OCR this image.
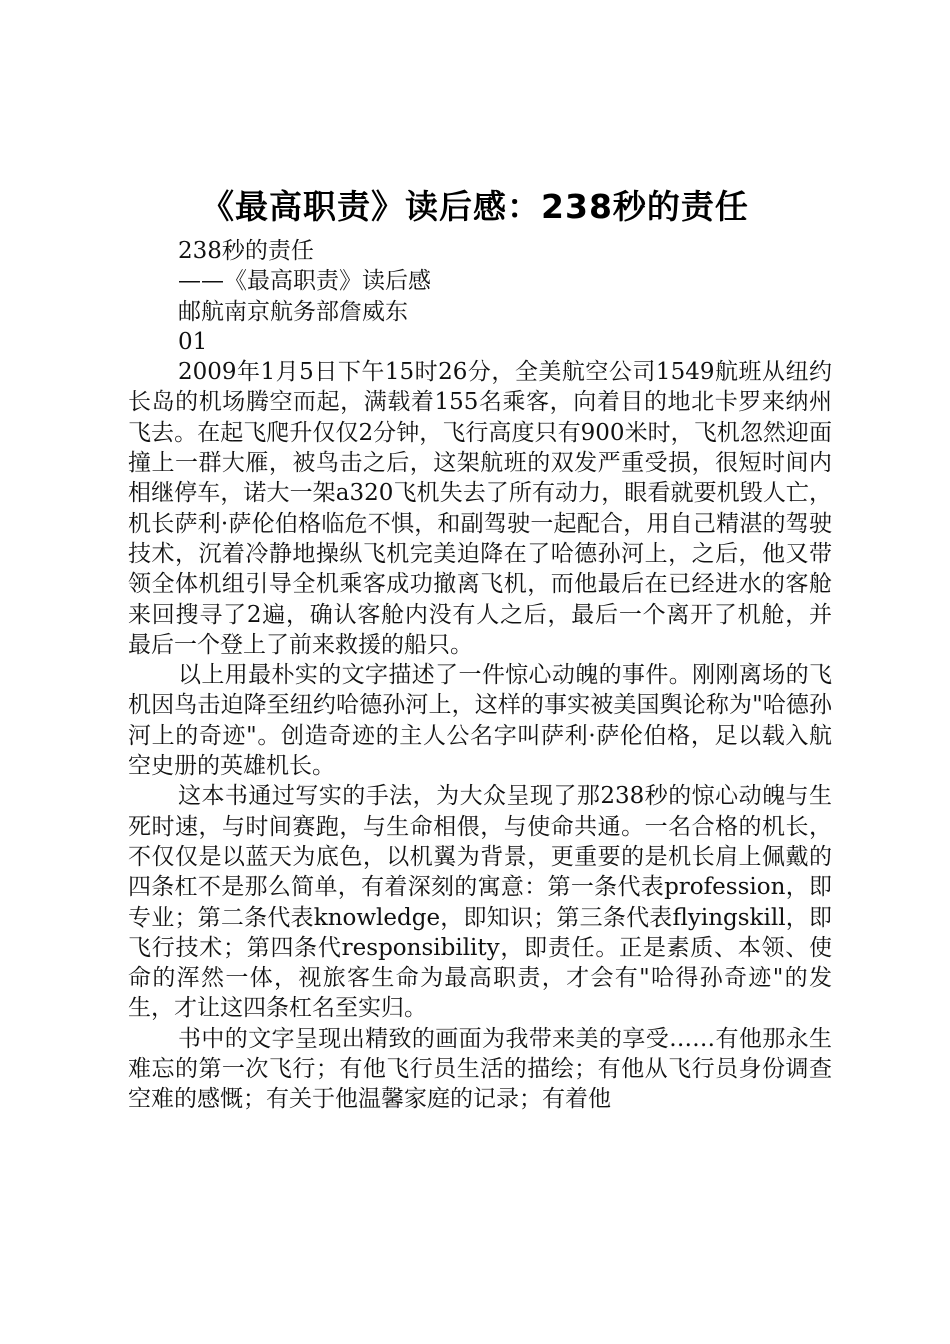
《最高职责》读后感：238秒的责任

238秒的责任

——《最高职责》读后感

邮航南京航务部詹威东

01

2009年1月5日下午15时26分，全美航空公司1549航班从纽约长岛的机场腾空而起，满载着155名乘客，向着目的地北卡罗来纳州飞去。在起飞爬升仅仅2分钟，飞行高度只有900米时，飞机忽然迎面撞上一群大雁，被鸟击之后，这架航班的双发严重受损，很短时间内相继停车，诺大一架a320飞机失去了所有动力，眼看就要机毁人亡，机长萨利·萨伦伯格临危不惧，和副驾驶一起配合，用自己精湛的驾驶技术，沉着冷静地操纵飞机完美迫降在了哈德孙河上，之后，他又带领全体机组引导全机乘客成功撤离飞机，而他最后在已经进水的客舱来回搜寻了2遍，确认客舱内没有人之后，最后一个离开了机舱，并最后一个登上了前来救援的船只。

以上用最朴实的文字描述了一件惊心动魄的事件。刚刚离场的飞机因鸟击迫降至纽约哈德孙河上，这样的事实被美国舆论称为"哈德孙河上的奇迹"。创造奇迹的主人公名字叫萨利·萨伦伯格，足以载入航空史册的英雄机长。

这本书通过写实的手法，为大众呈现了那238秒的惊心动魄与生死时速，与时间赛跑，与生命相偎，与使命共通。一名合格的机长，不仅仅是以蓝天为底色，以机翼为背景，更重要的是机长肩上佩戴的四条杠不是那么简单，有着深刻的寓意：第一条代表profession，即专业；第二条代表knowledge，即知识；第三条代表flyingskill，即飞行技术；第四条代responsibility，即责任。正是素质、本领、使命的浑然一体，视旅客生命为最高职责，才会有"哈得孙奇迹"的发生，才让这四条杠名至实归。

书中的文字呈现出精致的画面为我带来美的享受……有他那永生难忘的第一次飞行；有他飞行员生活的描绘；有他从飞行员身份调查空难的感慨；有关于他温馨家庭的记录；有着他
